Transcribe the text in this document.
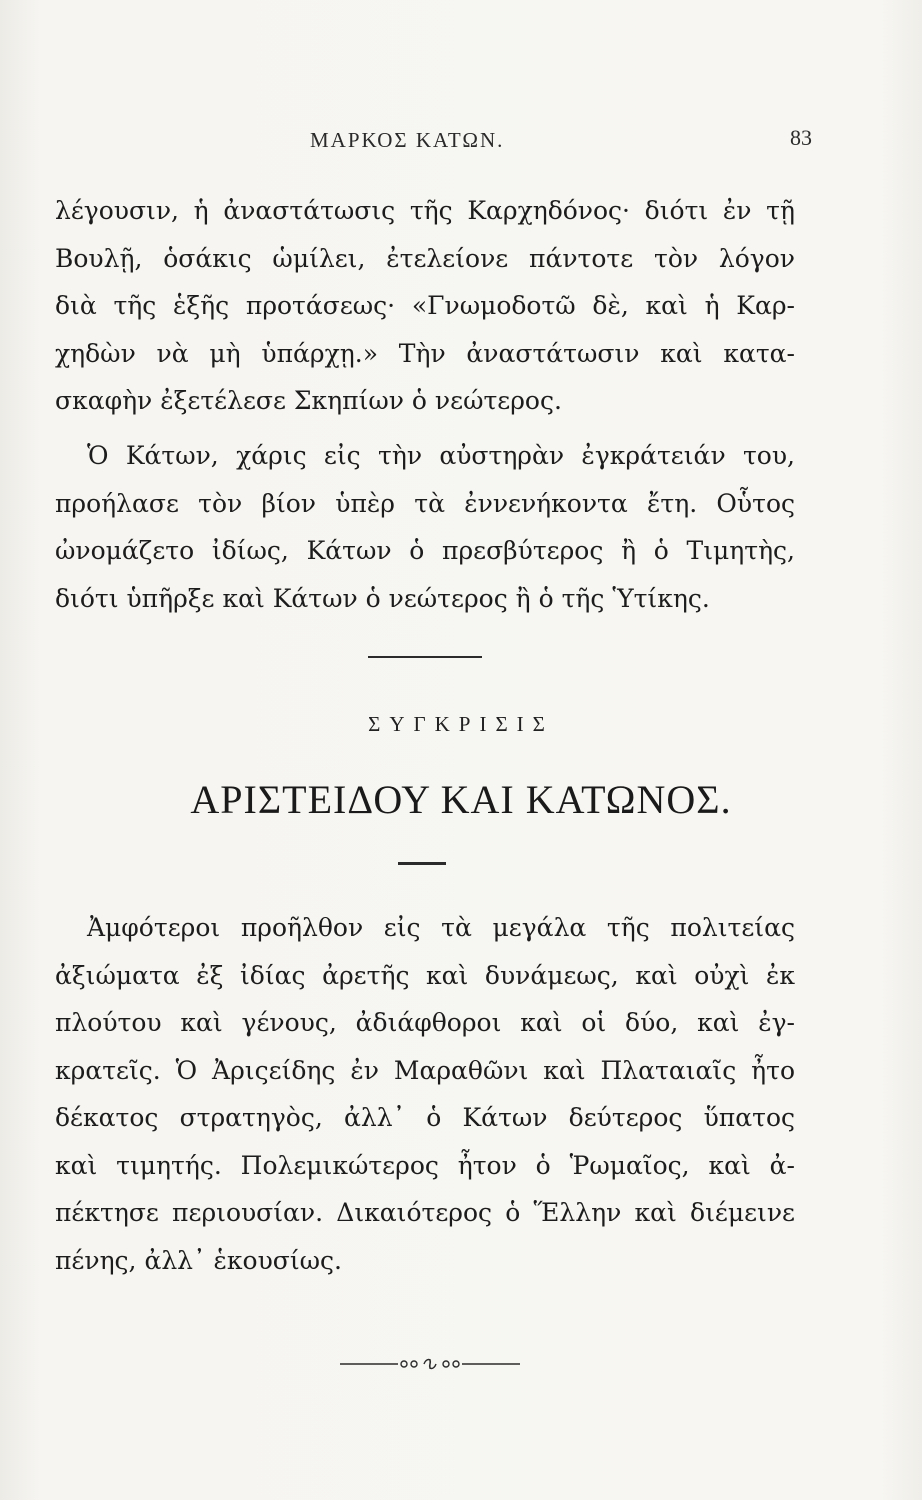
ΜΑΡΚΟΣ ΚΑΤΩΝ.	83
λέγουσιν, ἡ ἀναστάτωσις τῆς Καρχηδόνος· διότι ἐν τῇ
Βουλῇ, ὁσάκις ὡμίλει, ἐτελείονε πάντοτε τὸν λόγον
διὰ τῆς ἑξῆς προτάσεως· «Γνωμοδοτῶ δὲ, καὶ ἡ Καρ-
χηδὼν νὰ μὴ ὑπάρχῃ.» Τὴν ἀναστάτωσιν καὶ κατα-
σκαφὴν ἐξετέλεσε Σκηπίων ὁ νεώτερος.
Ὁ Κάτων, χάρις εἰς τὴν αὐστηρὰν ἐγκράτειάν του,
προήλασε τὸν βίον ὑπὲρ τὰ ἐννενήκοντα ἔτη. Οὗτος
ὠνομάζετο ἰδίως, Κάτων ὁ πρεσβύτερος ἢ ὁ Τιμητὴς,
διότι ὑπῆρξε καὶ Κάτων ὁ νεώτερος ἢ ὁ τῆς Ὑτίκης.
ΣΥΓΚΡΙΣΙΣ
ΑΡΙΣΤΕΙΔΟΥ ΚΑΙ ΚΑΤΩΝΟΣ.
Ἀμφότεροι προῆλθον εἰς τὰ μεγάλα τῆς πολιτείας
ἀξιώματα ἐξ ἰδίας ἀρετῆς καὶ δυνάμεως, καὶ οὐχὶ ἐκ
πλούτου καὶ γένους, ἀδιάφθοροι καὶ οἱ δύο, καὶ ἐγ-
κρατεῖς. Ὁ Ἀριςείδης ἐν Μαραθῶνι καὶ Πλαταιαῖς ἦτο
δέκατος στρατηγὸς, ἀλλ᾽ ὁ Κάτων δεύτερος ὕπατος
καὶ τιμητής. Πολεμικώτερος ἦτον ὁ Ῥωμαῖος, καὶ ἀ-
πέκτησε περιουσίαν. Δικαιότερος ὁ Ἕλλην καὶ διέμεινε
πένης, ἀλλ᾽ ἑκουσίως.
